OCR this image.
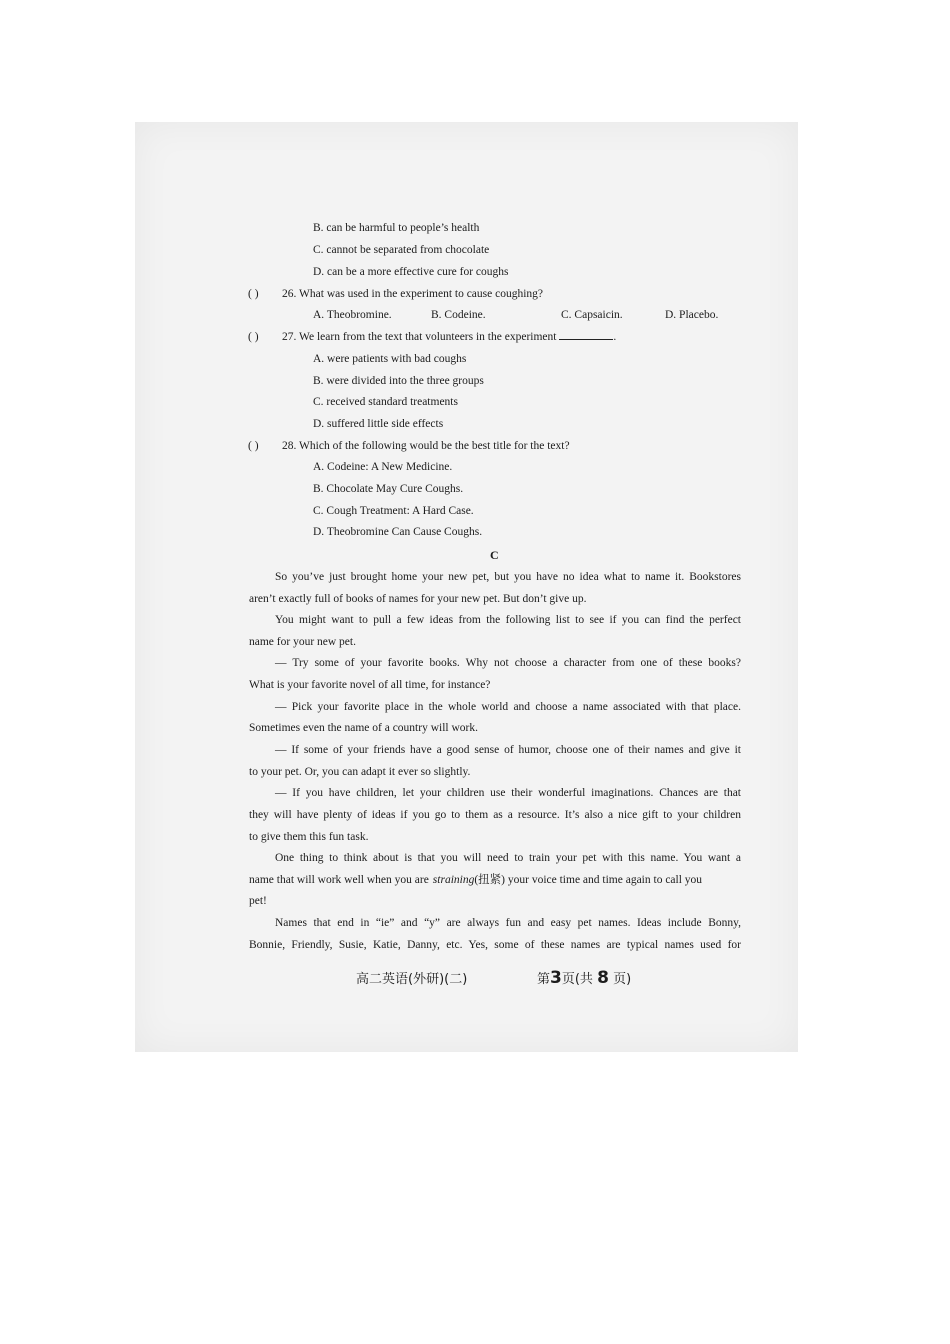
B. can be harmful to people’s health
C. cannot be separated from chocolate
D. can be a more effective cure for coughs
( ) 26. What was used in the experiment to cause coughing?
A. Theobromine.	B. Codeine.	C. Capsaicin.	D. Placebo.
( ) 27. We learn from the text that volunteers in the experiment	.
A. were patients with bad coughs
B. were divided into the three groups
C. received standard treatments
D. suffered little side effects
( ) 28. Which of the following would be the best title for the text?
A. Codeine: A New Medicine.
B. Chocolate May Cure Coughs.
C. Cough Treatment: A Hard Case.
D. Theobromine Can Cause Coughs.
C
So you’ve just brought home your new pet, but you have no idea what to name it. Bookstores
aren’t exactly full of books of names for your new pet. But don’t give up.
You might want to pull a few ideas from the following list to see if you can find the perfect
name for your new pet.
— Try some of your favorite books. Why not choose a character from one of these books?
What is your favorite novel of all time, for instance?
— Pick your favorite place in the whole world and choose a name associated with that place.
Sometimes even the name of a country will work.
— If some of your friends have a good sense of humor, choose one of their names and give it
to your pet. Or, you can adapt it ever so slightly.
— If you have children, let your children use their wonderful imaginations. Chances are that
they will have plenty of ideas if you go to them as a resource. It’s also a nice gift to your children
to give them this fun task.
One thing to think about is that you will need to train your pet with this name. You want a
name that will work well when you are straining(扭紧) your voice time and time again to call you
pet!
Names that end in “ie” and “y” are always fun and easy pet names. Ideas include Bonny,
Bonnie, Friendly, Susie, Katie, Danny, etc. Yes, some of these names are typical names used for
高二英语(外研)(二)	第3页(共 8 页)
